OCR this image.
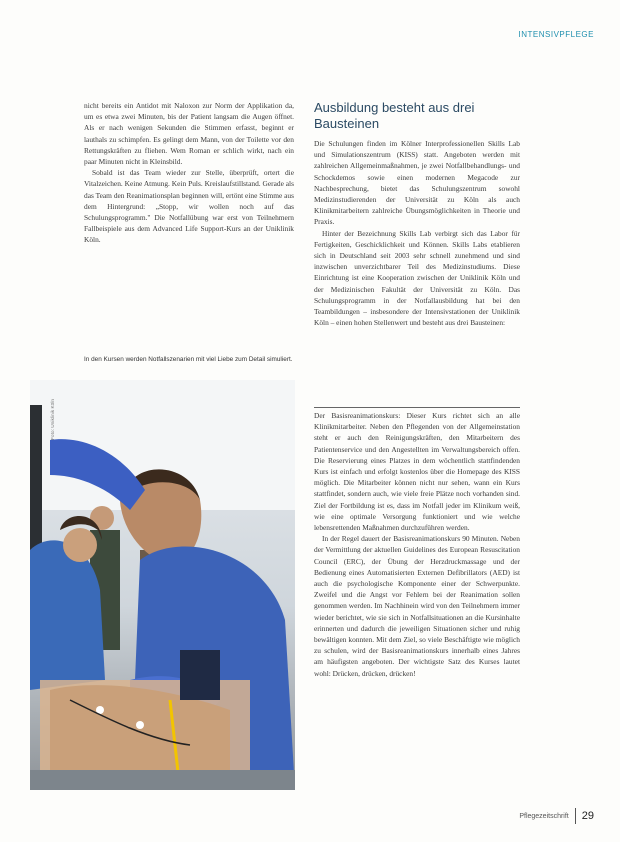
INTENSIVPFLEGE

nicht bereits ein Antidot mit Naloxon zur Norm der Applikation da, um es etwa zwei Minuten, bis der Patient langsam die Augen öffnet. Als er nach wenigen Sekunden die Stimmen erfasst, beginnt er lauthals zu schimpfen. Es gelingt dem Mann, von der Toilette vor den Rettungskräften zu fliehen. Wem Roman er schlich wirkt, nach ein paar Minuten nicht in Kleinsbild.

Sobald ist das Team wieder zur Stelle, überprüft, ortert die Vitalzeichen. Keine Atmung. Kein Puls. Kreislaufstillstand. Gerade als das Team den Reanimationsplan beginnen will, ertönt eine Stimme aus dem Hintergrund: „Stopp, wir wollen noch auf das Schulungsprogramm." Die Notfallübung war erst von Teilnehmern Fallbeispiele aus dem Advanced Life Support-Kurs an der Uniklinik Köln.

Ausbildung besteht aus drei Bausteinen

Die Schulungen finden im Kölner Interprofessionellen Skills Lab und Simulationszentrum (KISS) statt. Angeboten werden mit zahlreichen Allgemeinmaßnahmen, je zwei Notfallbehandlungs- und Schockdemos sowie einen modernen Megacode zur Nachbesprechung, bietet das Schulungszentrum sowohl Medizinstudierenden der Universität zu Köln als auch Klinikmitarbeitern zahlreiche Übungsmöglichkeiten in Theorie und Praxis.

Hinter der Bezeichnung Skills Lab verbirgt sich das Labor für Fertigkeiten, Geschicklichkeit und Können. Skills Labs etablieren sich in Deutschland seit 2003 sehr schnell zunehmend und sind inzwischen unverzichtbarer Teil des Medizinstudiums. Diese Einrichtung ist eine Kooperation zwischen der Uniklinik Köln und der Medizinischen Fakultät der Universität zu Köln. Das Schulungsprogramm in der Notfallausbildung hat bei den Teambildungen – insbesondere der Intensivstationen der Uniklinik Köln – einen hohen Stellenwert und besteht aus drei Bausteinen:

Der Basisreanimationskurs: Dieser Kurs richtet sich an alle Klinikmitarbeiter. Neben den Pflegenden von der Allgemeinstation steht er auch den Reinigungskräften, den Mitarbeitern des Patientenservice und den Angestellten im Verwaltungsbereich offen. Die Reservierung eines Platzes in dem wöchentlich stattfindenden Kurs ist einfach und erfolgt kostenlos über die Homepage des KISS möglich. Die Mitarbeiter können nicht nur sehen, wann ein Kurs stattfindet, sondern auch, wie viele freie Plätze noch vorhanden sind. Ziel der Fortbildung ist es, dass im Notfall jeder im Klinikum weiß, wie eine optimale Versorgung funktioniert und wie welche lebensrettenden Maßnahmen durchzuführen werden.

In der Regel dauert der Basisreanimationskurs 90 Minuten. Neben der Vermittlung der aktuellen Guidelines des European Resuscitation Council (ERC), der Übung der Herzdruckmassage und der Bedienung eines Automatisierten Externen Defibrillators (AED) ist auch die psychologische Komponente einer der Schwerpunkte. Zweifel und die Angst vor Fehlern bei der Reanimation sollen genommen werden. Im Nachhinein wird von den Teilnehmern immer wieder berichtet, wie sie sich in Notfallsituationen an die Kursinhalte erinnerten und dadurch die jeweiligen Situationen sicher und ruhig bewältigen konnten. Mit dem Ziel, so viele Beschäftigte wie möglich zu schulen, wird der Basisreanimationskurs innerhalb eines Jahres am häufigsten angeboten. Der wichtigste Satz des Kurses lautet wohl: Drücken, drücken, drücken!

In den Kursen werden Notfallszenarien mit viel Liebe zum Detail simuliert.
Foto: Uniklinik Köln
Pflegezeitschrift 29
